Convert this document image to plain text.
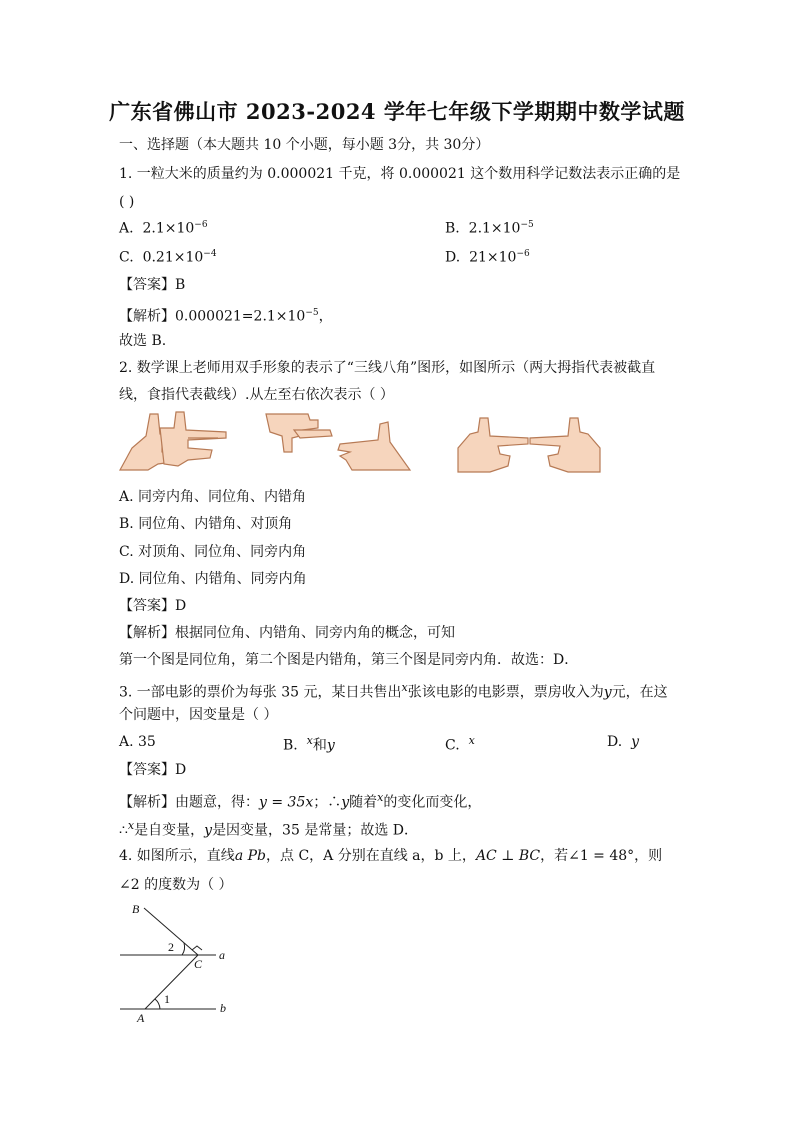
广东省佛山市 2023-2024 学年七年级下学期期中数学试题
一、选择题（本大题共 10 个小题，每小题 3分，共 30分）
1. 一粒大米的质量约为 0.000021 千克，将 0.000021 这个数用科学记数法表示正确的是
( )
A. $2.1\times 10^{-6}$	B. $2.1\times 10^{-5}$
C. $0.21\times 10^{-4}$	D. $21\times 10^{-6}$
【答案】B
【解析】$0.000021=2.1\times 10^{-5}$，
故选 B.
2. 数学课上老师用双手形象的表示了“三线八角”图形，如图所示（两大拇指代表被截直
线，食指代表截线）.从左至右依次表示（ ）
A. 同旁内角、同位角、内错角
B. 同位角、内错角、对顶角
C. 对顶角、同位角、同旁内角
D. 同位角、内错角、同旁内角
【答案】D
【解析】根据同位角、内错角、同旁内角的概念，可知
第一个图是同位角，第二个图是内错角，第三个图是同旁内角．故选：D．
3. 一部电影的票价为每张 35 元，某日共售出$^x$张该电影的电影票，票房收入为y元，在这
个问题中，因变量是（ ）
A. 35	B. $^x$和y	C. $^x$	D. y
【答案】D
【解析】由题意，得：y = 35x；∴y随着$^x$的变化而变化，
∴$^x$是自变量，y是因变量，35 是常量；故选 D．
4. 如图所示，直线a Pb，点 C，A 分别在直线 a，b 上，AC ⊥ BC，若∠1 = 48°，则
∠2 的度数为（ ）
B
a
C
A
b
2
1
